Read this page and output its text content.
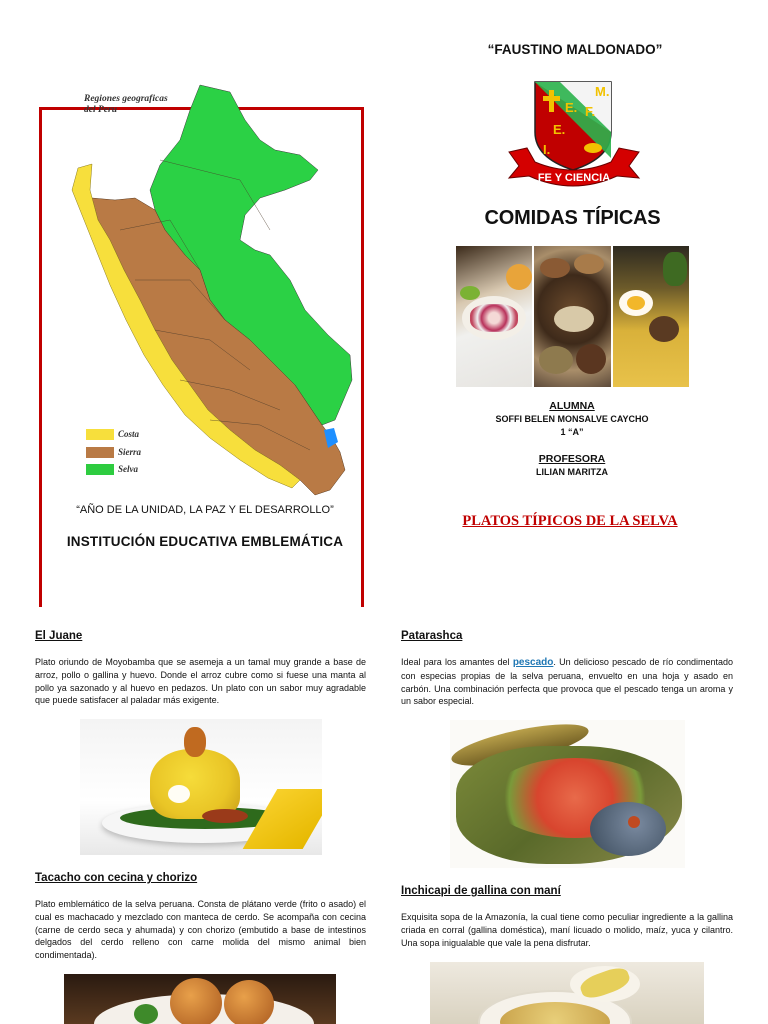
Regiones geograficas del Peru
Costa
Sierra
Selva
“AÑO DE LA UNIDAD, LA PAZ Y EL DESARROLLO”
INSTITUCIÓN EDUCATIVA EMBLEMÁTICA
“FAUSTINO MALDONADO”
M.
F.
E.
E.
I.
FE Y CIENCIA
COMIDAS TÍPICAS
ALUMNA
SOFFI BELEN MONSALVE CAYCHO
1 “A”
PROFESORA
LILIAN MARITZA
PLATOS TÍPICOS DE LA SELVA
El Juane
Plato oriundo de Moyobamba que se asemeja a un tamal muy grande a base de arroz, pollo o gallina y huevo. Donde el arroz cubre como si fuese una manta al pollo ya sazonado y al huevo en pedazos. Un plato con un sabor muy agradable que puede satisfacer al paladar más exigente.
Tacacho con cecina y chorizo
Plato emblemático de la selva peruana. Consta de plátano verde (frito o asado) el cual es machacado y mezclado con manteca de cerdo. Se acompaña con cecina (carne de cerdo seca y ahumada) y con chorizo (embutido a base de intestinos delgados del cerdo relleno con carne molida del mismo animal bien condimentada).
Patarashca
Ideal para los amantes del pescado. Un delicioso pescado de río condimentado con especias propias de la selva peruana, envuelto en una hoja y asado en carbón. Una combinación perfecta que provoca que el pescado tenga un aroma y un sabor especial.
Inchicapi de gallina con maní
Exquisita sopa de la Amazonía, la cual tiene como peculiar ingrediente a la gallina criada en corral (gallina doméstica), maní licuado o molido, maíz, yuca y cilantro. Una sopa inigualable que vale la pena disfrutar.
